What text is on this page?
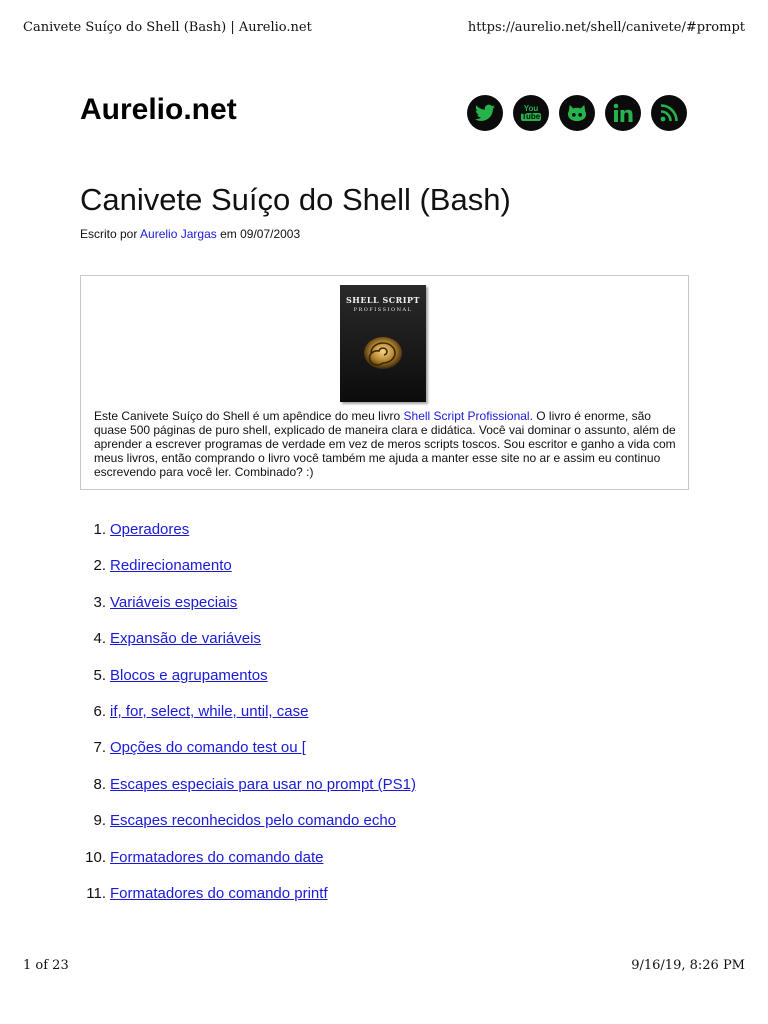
Canivete Suíço do Shell (Bash) | Aurelio.net	https://aurelio.net/shell/canivete/#prompt
Aurelio.net	You
Tube
Canivete Suíço do Shell (Bash)
Escrito por Aurelio Jargas em 09/07/2003
SHELL SCRIPT
PROFISSIONAL

Este Canivete Suíço do Shell é um apêndice do meu livro Shell Script Profissional. O livro é enorme, são quase 500 páginas de puro shell, explicado de maneira clara e didática. Você vai dominar o assunto, além de aprender a escrever programas de verdade em vez de meros scripts toscos. Sou escritor e ganho a vida com meus livros, então comprando o livro você também me ajuda a manter esse site no ar e assim eu continuo escrevendo para você ler. Combinado? :)

1. Operadores
2. Redirecionamento
3. Variáveis especiais
4. Expansão de variáveis
5. Blocos e agrupamentos
6. if, for, select, while, until, case
7. Opções do comando test ou [
8. Escapes especiais para usar no prompt (PS1)
9. Escapes reconhecidos pelo comando echo
10. Formatadores do comando date
11. Formatadores do comando printf
1 of 23	9/16/19, 8:26 PM
